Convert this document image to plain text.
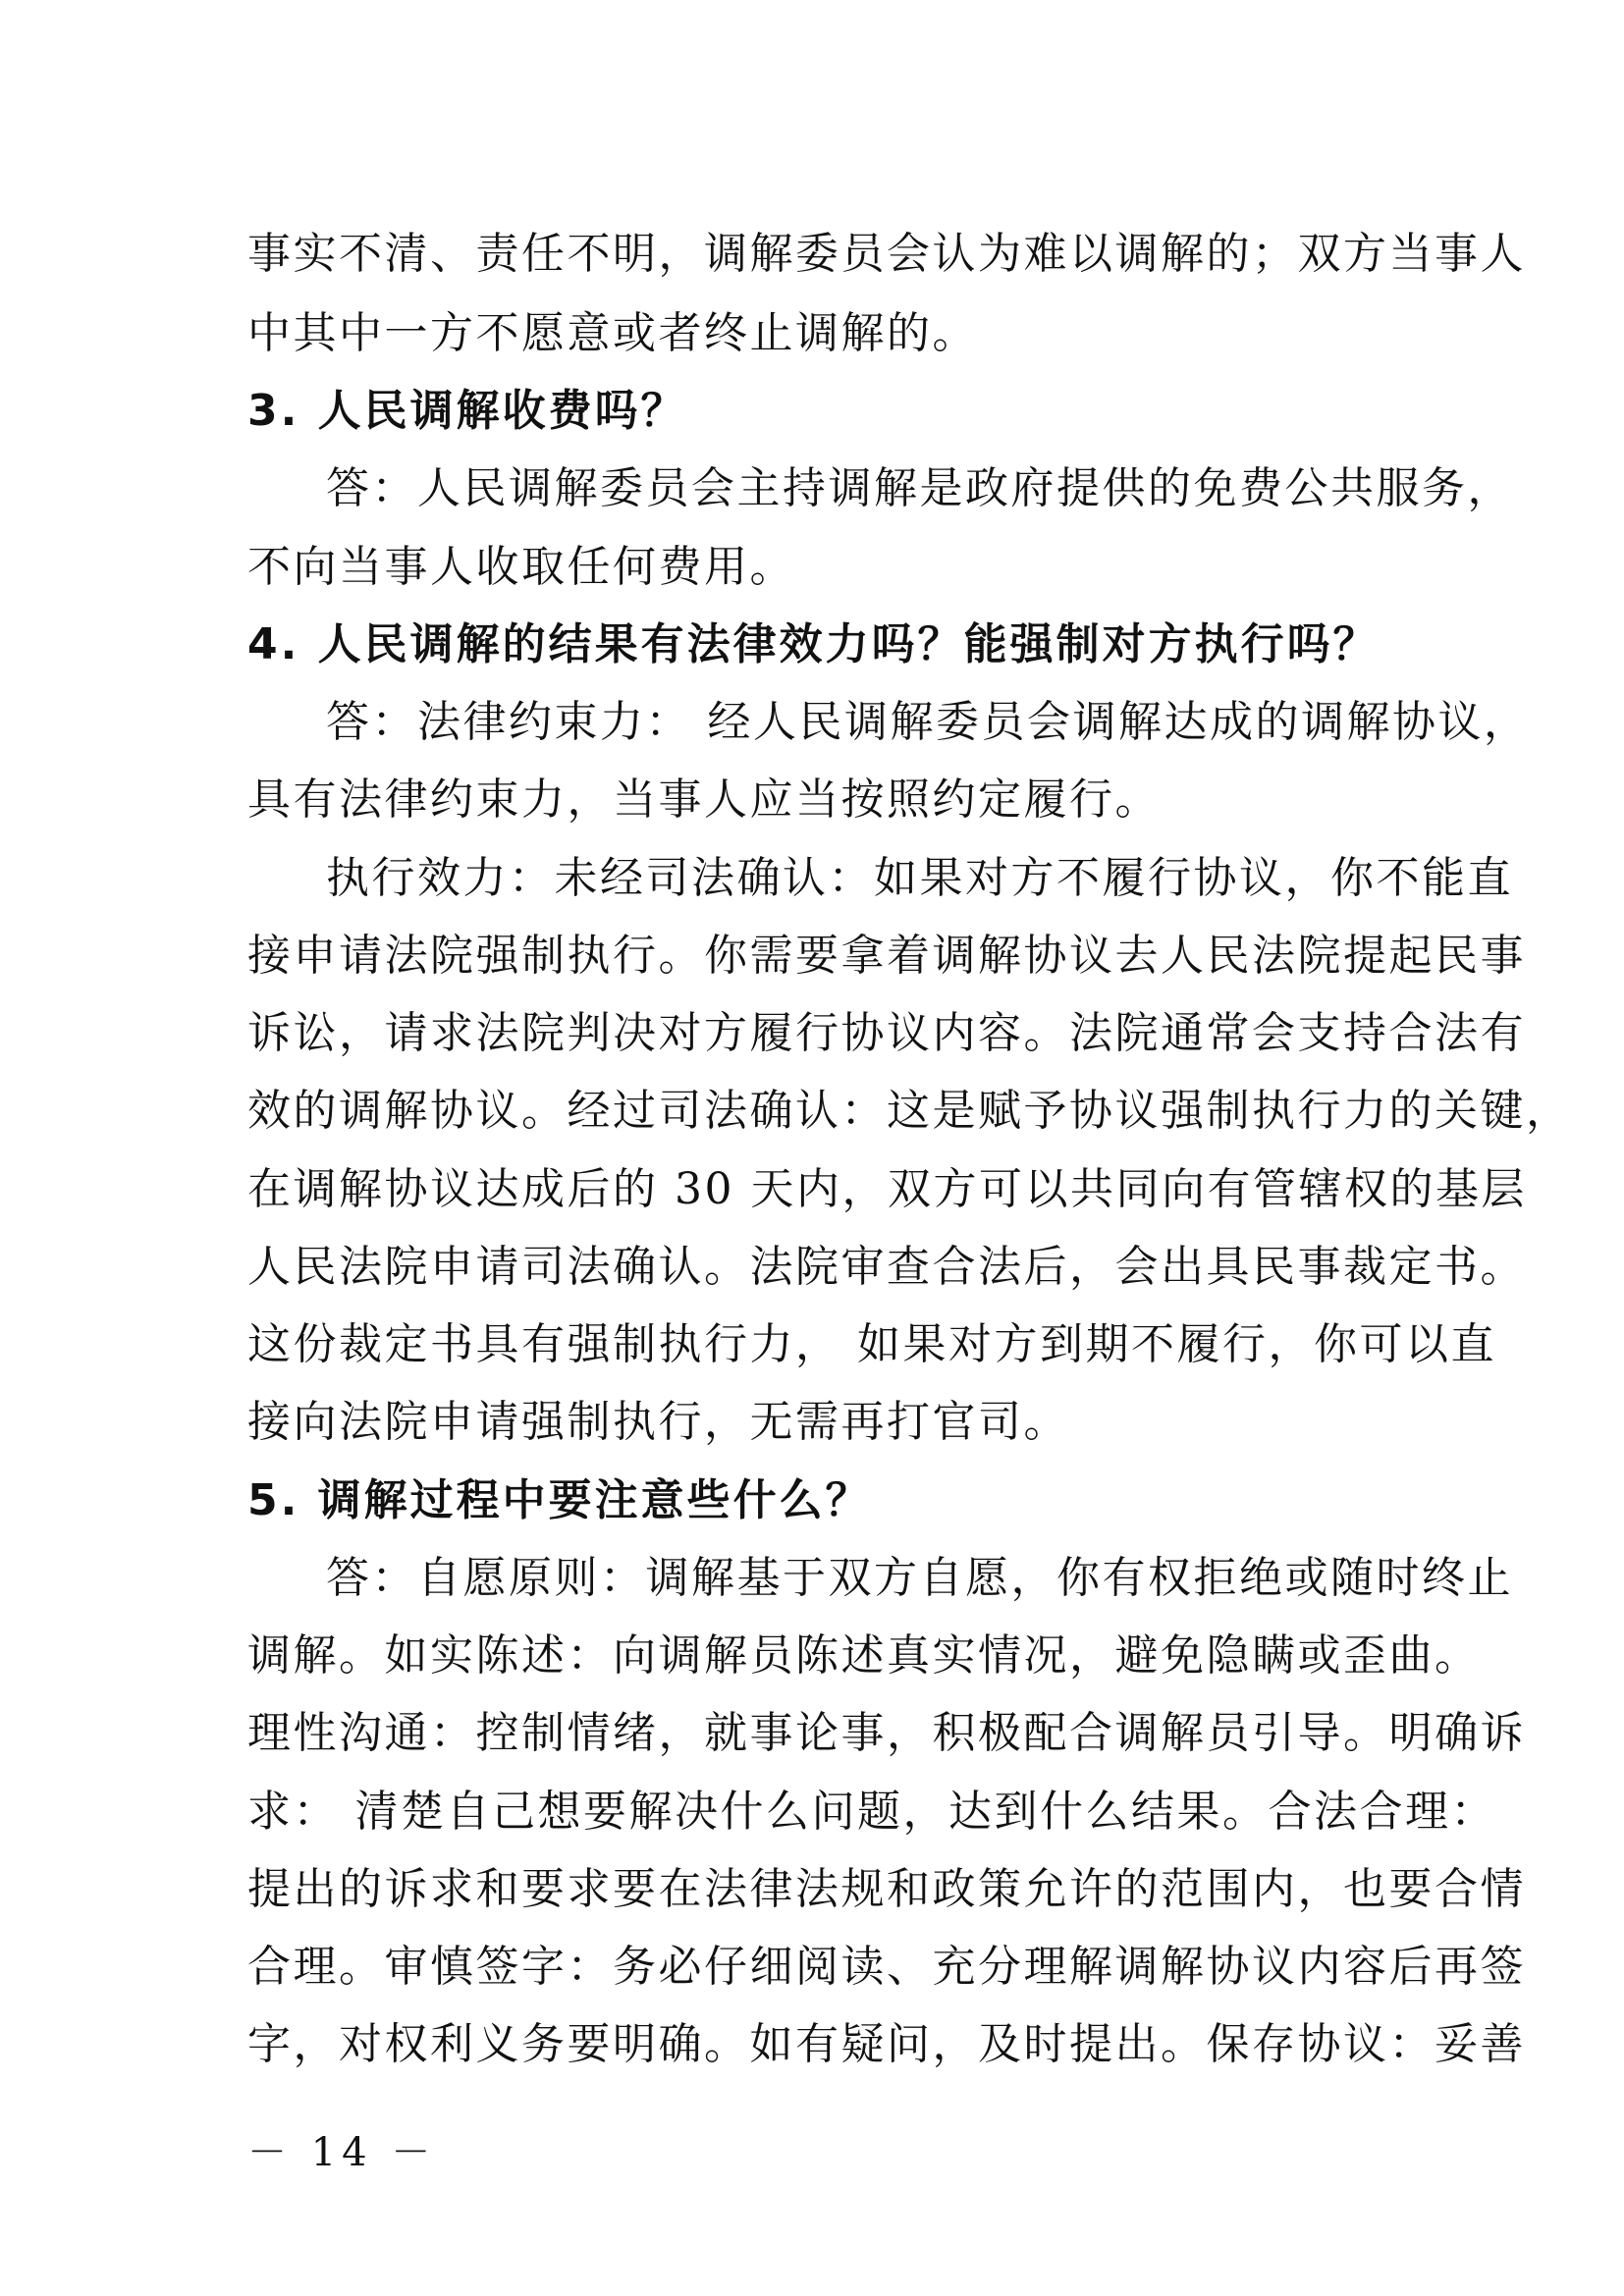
事实不清、责任不明，调解委员会认为难以调解的；双方当事人
中其中一方不愿意或者终止调解的。
3. 人民调解收费吗？
答：人民调解委员会主持调解是政府提供的免费公共服务，
不向当事人收取任何费用。
4. 人民调解的结果有法律效力吗？能强制对方执行吗？
答：法律约束力： 经人民调解委员会调解达成的调解协议，
具有法律约束力，当事人应当按照约定履行。
执行效力：未经司法确认：如果对方不履行协议，你不能直
接申请法院强制执行。你需要拿着调解协议去人民法院提起民事
诉讼，请求法院判决对方履行协议内容。法院通常会支持合法有
效的调解协议。经过司法确认：这是赋予协议强制执行力的关键，
在调解协议达成后的 30 天内，双方可以共同向有管辖权的基层
人民法院申请司法确认。法院审查合法后，会出具民事裁定书。
这份裁定书具有强制执行力， 如果对方到期不履行，你可以直
接向法院申请强制执行，无需再打官司。
5. 调解过程中要注意些什么？
答：自愿原则：调解基于双方自愿，你有权拒绝或随时终止
调解。如实陈述：向调解员陈述真实情况，避免隐瞒或歪曲。
理性沟通：控制情绪，就事论事，积极配合调解员引导。明确诉
求： 清楚自己想要解决什么问题，达到什么结果。合法合理：
提出的诉求和要求要在法律法规和政策允许的范围内，也要合情
合理。审慎签字：务必仔细阅读、充分理解调解协议内容后再签
字，对权利义务要明确。如有疑问，及时提出。保存协议：妥善
－ 14 －
